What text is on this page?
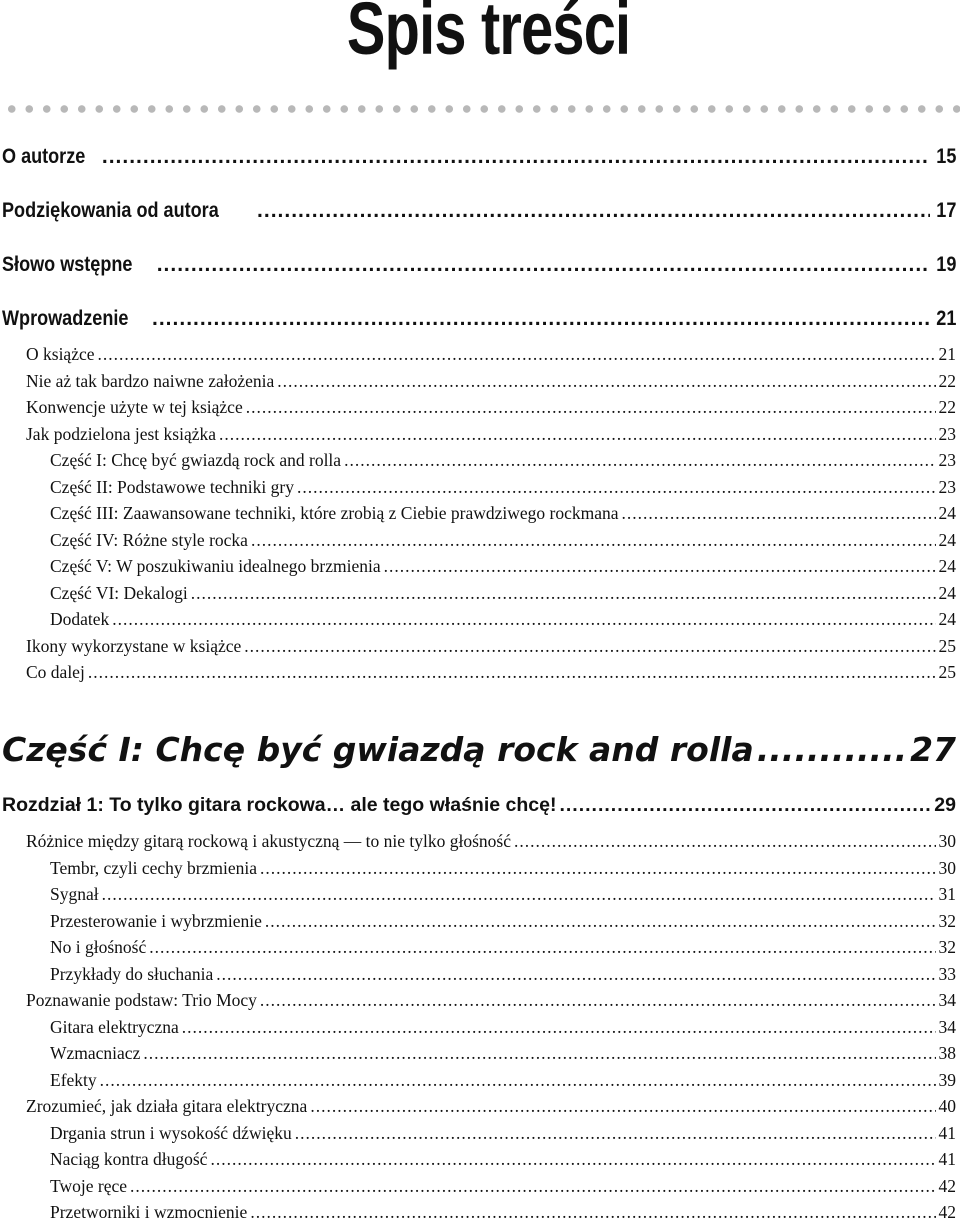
Spis treści
O autorze .....	15
Podziękowania od autora .....	17
Słowo wstępne .....	19
Wprowadzenie .....	21
O książce .....	21
Nie aż tak bardzo naiwne założenia .....	22
Konwencje użyte w tej książce .....	22
Jak podzielona jest książka .....	23
Część I: Chcę być gwiazdą rock and rolla .....	23
Część II: Podstawowe techniki gry .....	23
Część III: Zaawansowane techniki, które zrobią z Ciebie prawdziwego rockmana .....	24
Część IV: Różne style rocka .....	24
Część V: W poszukiwaniu idealnego brzmienia .....	24
Część VI: Dekalogi .....	24
Dodatek .....	24
Ikony wykorzystane w książce .....	25
Co dalej .....	25
Część I: Chcę być gwiazdą rock and rolla .....	27
Rozdział 1: To tylko gitara rockowa… ale tego właśnie chcę! .....	29
Różnice między gitarą rockową i akustyczną — to nie tylko głośność .....	30
Tembr, czyli cechy brzmienia .....	30
Sygnał .....	31
Przesterowanie i wybrzmienie .....	32
No i głośność .....	32
Przykłady do słuchania .....	33
Poznawanie podstaw: Trio Mocy .....	34
Gitara elektryczna .....	34
Wzmacniacz .....	38
Efekty .....	39
Zrozumieć, jak działa gitara elektryczna .....	40
Drgania strun i wysokość dźwięku .....	41
Naciąg kontra długość .....	41
Twoje ręce .....	42
Przetworniki i wzmocnienie .....	42
